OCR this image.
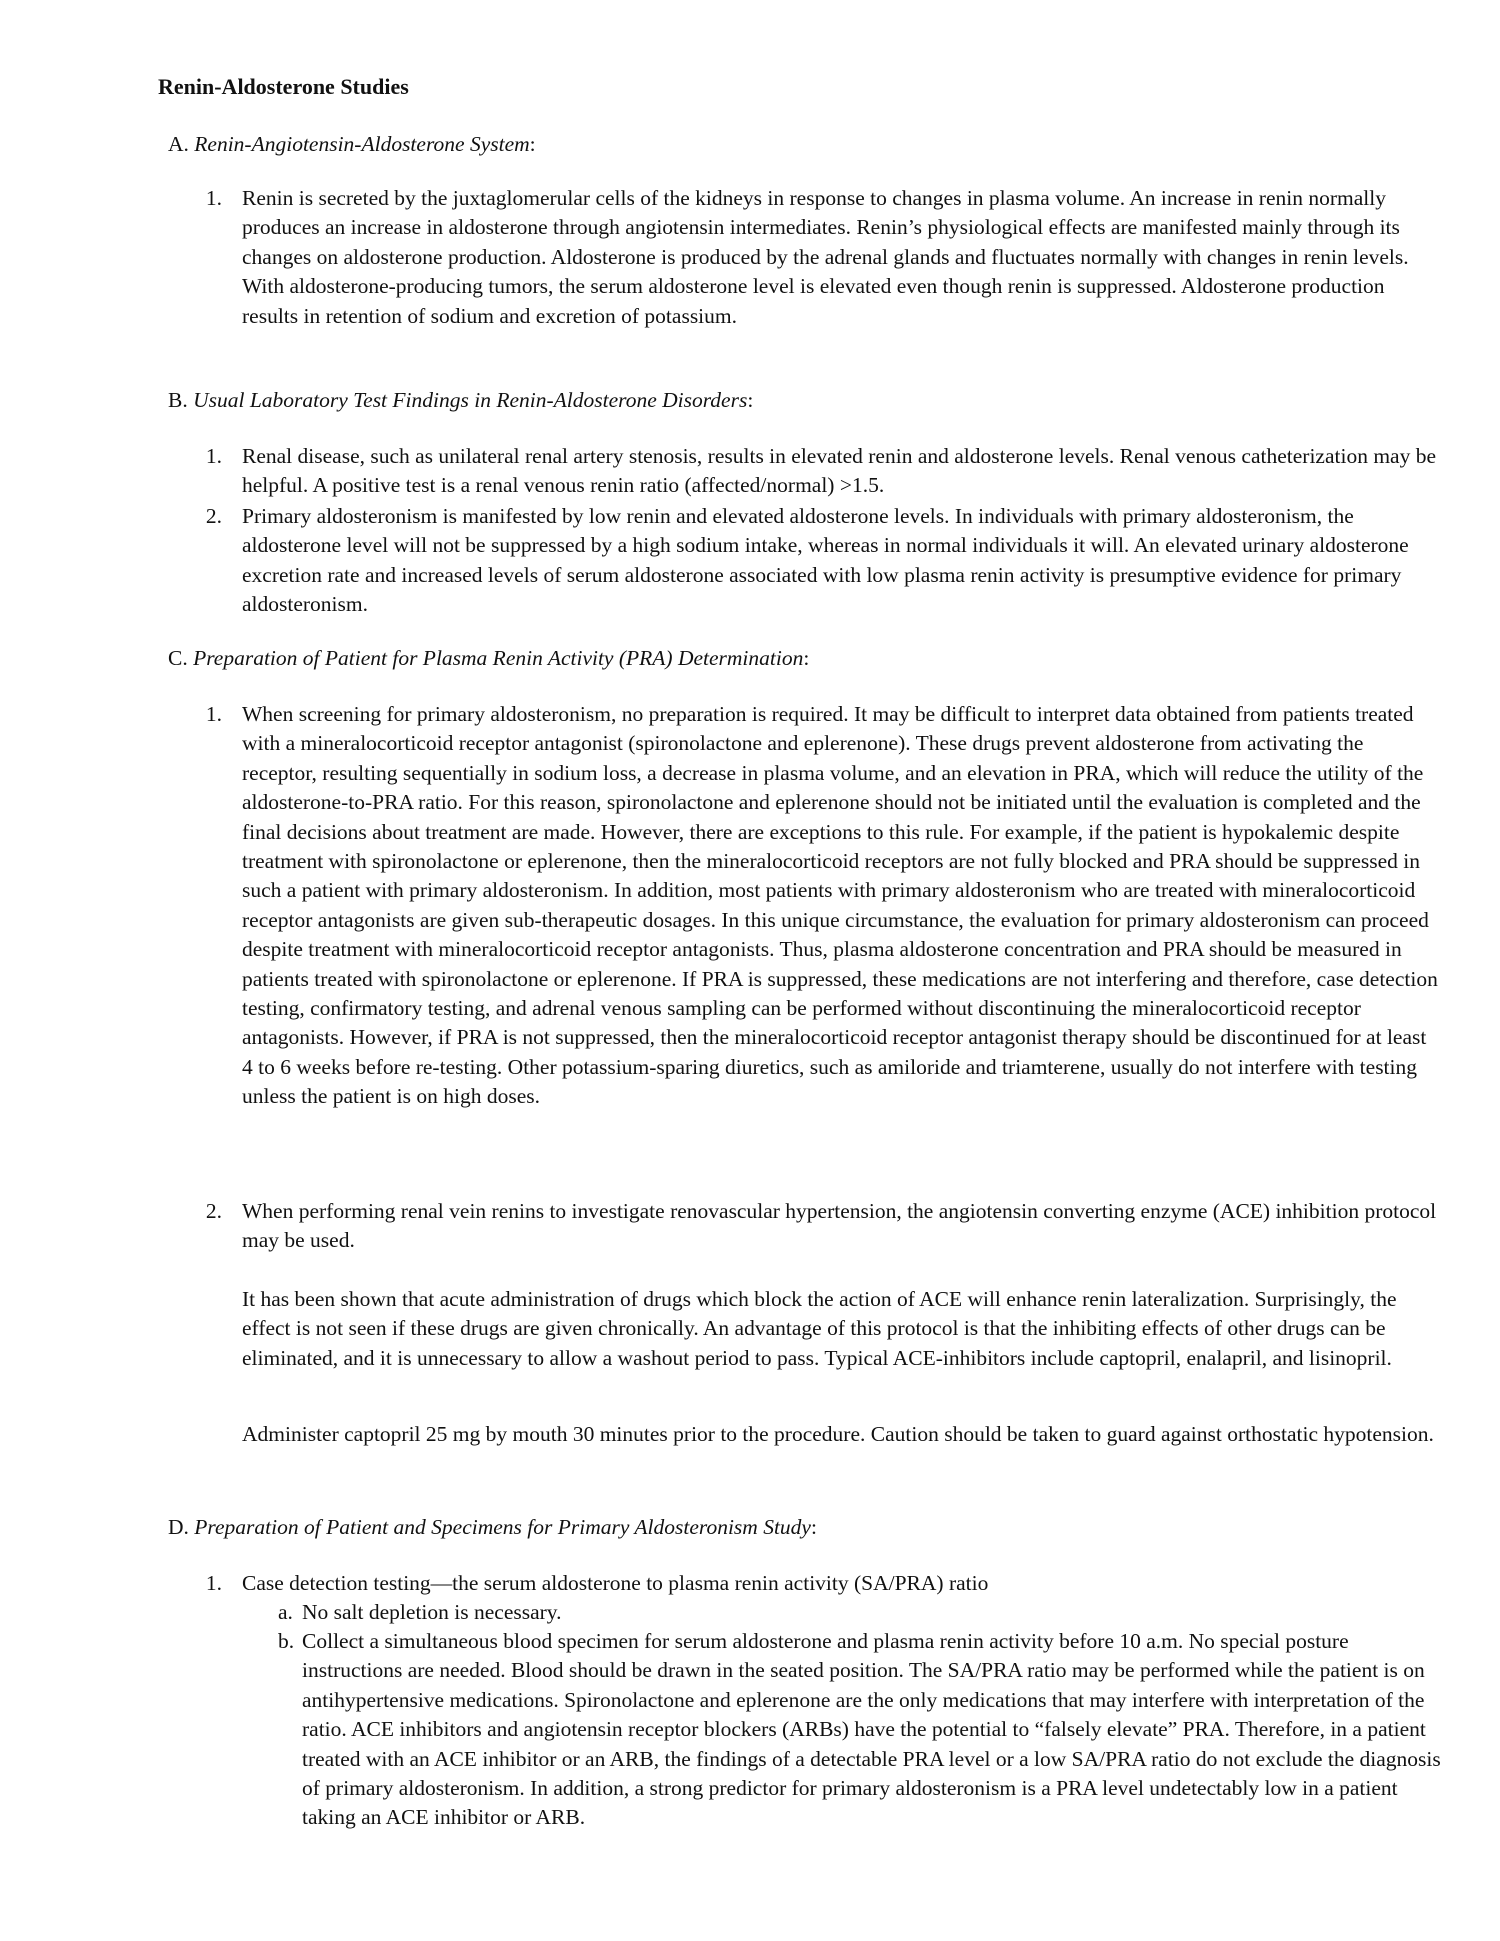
Renin-Aldosterone Studies
A. Renin-Angiotensin-Aldosterone System:
1. Renin is secreted by the juxtaglomerular cells of the kidneys in response to changes in plasma volume. An increase in renin normally produces an increase in aldosterone through angiotensin intermediates. Renin’s physiological effects are manifested mainly through its changes on aldosterone production. Aldosterone is produced by the adrenal glands and fluctuates normally with changes in renin levels. With aldosterone-producing tumors, the serum aldosterone level is elevated even though renin is suppressed. Aldosterone production results in retention of sodium and excretion of potassium.
B. Usual Laboratory Test Findings in Renin-Aldosterone Disorders:
1. Renal disease, such as unilateral renal artery stenosis, results in elevated renin and aldosterone levels. Renal venous catheterization may be helpful. A positive test is a renal venous renin ratio (affected/normal) >1.5.
2. Primary aldosteronism is manifested by low renin and elevated aldosterone levels. In individuals with primary aldosteronism, the aldosterone level will not be suppressed by a high sodium intake, whereas in normal individuals it will. An elevated urinary aldosterone excretion rate and increased levels of serum aldosterone associated with low plasma renin activity is presumptive evidence for primary aldosteronism.
C. Preparation of Patient for Plasma Renin Activity (PRA) Determination:
1. When screening for primary aldosteronism, no preparation is required. It may be difficult to interpret data obtained from patients treated with a mineralocorticoid receptor antagonist (spironolactone and eplerenone). These drugs prevent aldosterone from activating the receptor, resulting sequentially in sodium loss, a decrease in plasma volume, and an elevation in PRA, which will reduce the utility of the aldosterone-to-PRA ratio. For this reason, spironolactone and eplerenone should not be initiated until the evaluation is completed and the final decisions about treatment are made. However, there are exceptions to this rule. For example, if the patient is hypokalemic despite treatment with spironolactone or eplerenone, then the mineralocorticoid receptors are not fully blocked and PRA should be suppressed in such a patient with primary aldosteronism. In addition, most patients with primary aldosteronism who are treated with mineralocorticoid receptor antagonists are given sub-therapeutic dosages. In this unique circumstance, the evaluation for primary aldosteronism can proceed despite treatment with mineralocorticoid receptor antagonists. Thus, plasma aldosterone concentration and PRA should be measured in patients treated with spironolactone or eplerenone. If PRA is suppressed, these medications are not interfering and therefore, case detection testing, confirmatory testing, and adrenal venous sampling can be performed without discontinuing the mineralocorticoid receptor antagonists. However, if PRA is not suppressed, then the mineralocorticoid receptor antagonist therapy should be discontinued for at least 4 to 6 weeks before re-testing. Other potassium-sparing diuretics, such as amiloride and triamterene, usually do not interfere with testing unless the patient is on high doses.
2. When performing renal vein renins to investigate renovascular hypertension, the angiotensin converting enzyme (ACE) inhibition protocol may be used.
It has been shown that acute administration of drugs which block the action of ACE will enhance renin lateralization. Surprisingly, the effect is not seen if these drugs are given chronically. An advantage of this protocol is that the inhibiting effects of other drugs can be eliminated, and it is unnecessary to allow a washout period to pass. Typical ACE-inhibitors include captopril, enalapril, and lisinopril.
Administer captopril 25 mg by mouth 30 minutes prior to the procedure. Caution should be taken to guard against orthostatic hypotension.
D. Preparation of Patient and Specimens for Primary Aldosteronism Study:
1. Case detection testing—the serum aldosterone to plasma renin activity (SA/PRA) ratio
a. No salt depletion is necessary.
b. Collect a simultaneous blood specimen for serum aldosterone and plasma renin activity before 10 a.m. No special posture instructions are needed. Blood should be drawn in the seated position. The SA/PRA ratio may be performed while the patient is on antihypertensive medications. Spironolactone and eplerenone are the only medications that may interfere with interpretation of the ratio. ACE inhibitors and angiotensin receptor blockers (ARBs) have the potential to “falsely elevate” PRA. Therefore, in a patient treated with an ACE inhibitor or an ARB, the findings of a detectable PRA level or a low SA/PRA ratio do not exclude the diagnosis of primary aldosteronism. In addition, a strong predictor for primary aldosteronism is a PRA level undetectably low in a patient taking an ACE inhibitor or ARB.
